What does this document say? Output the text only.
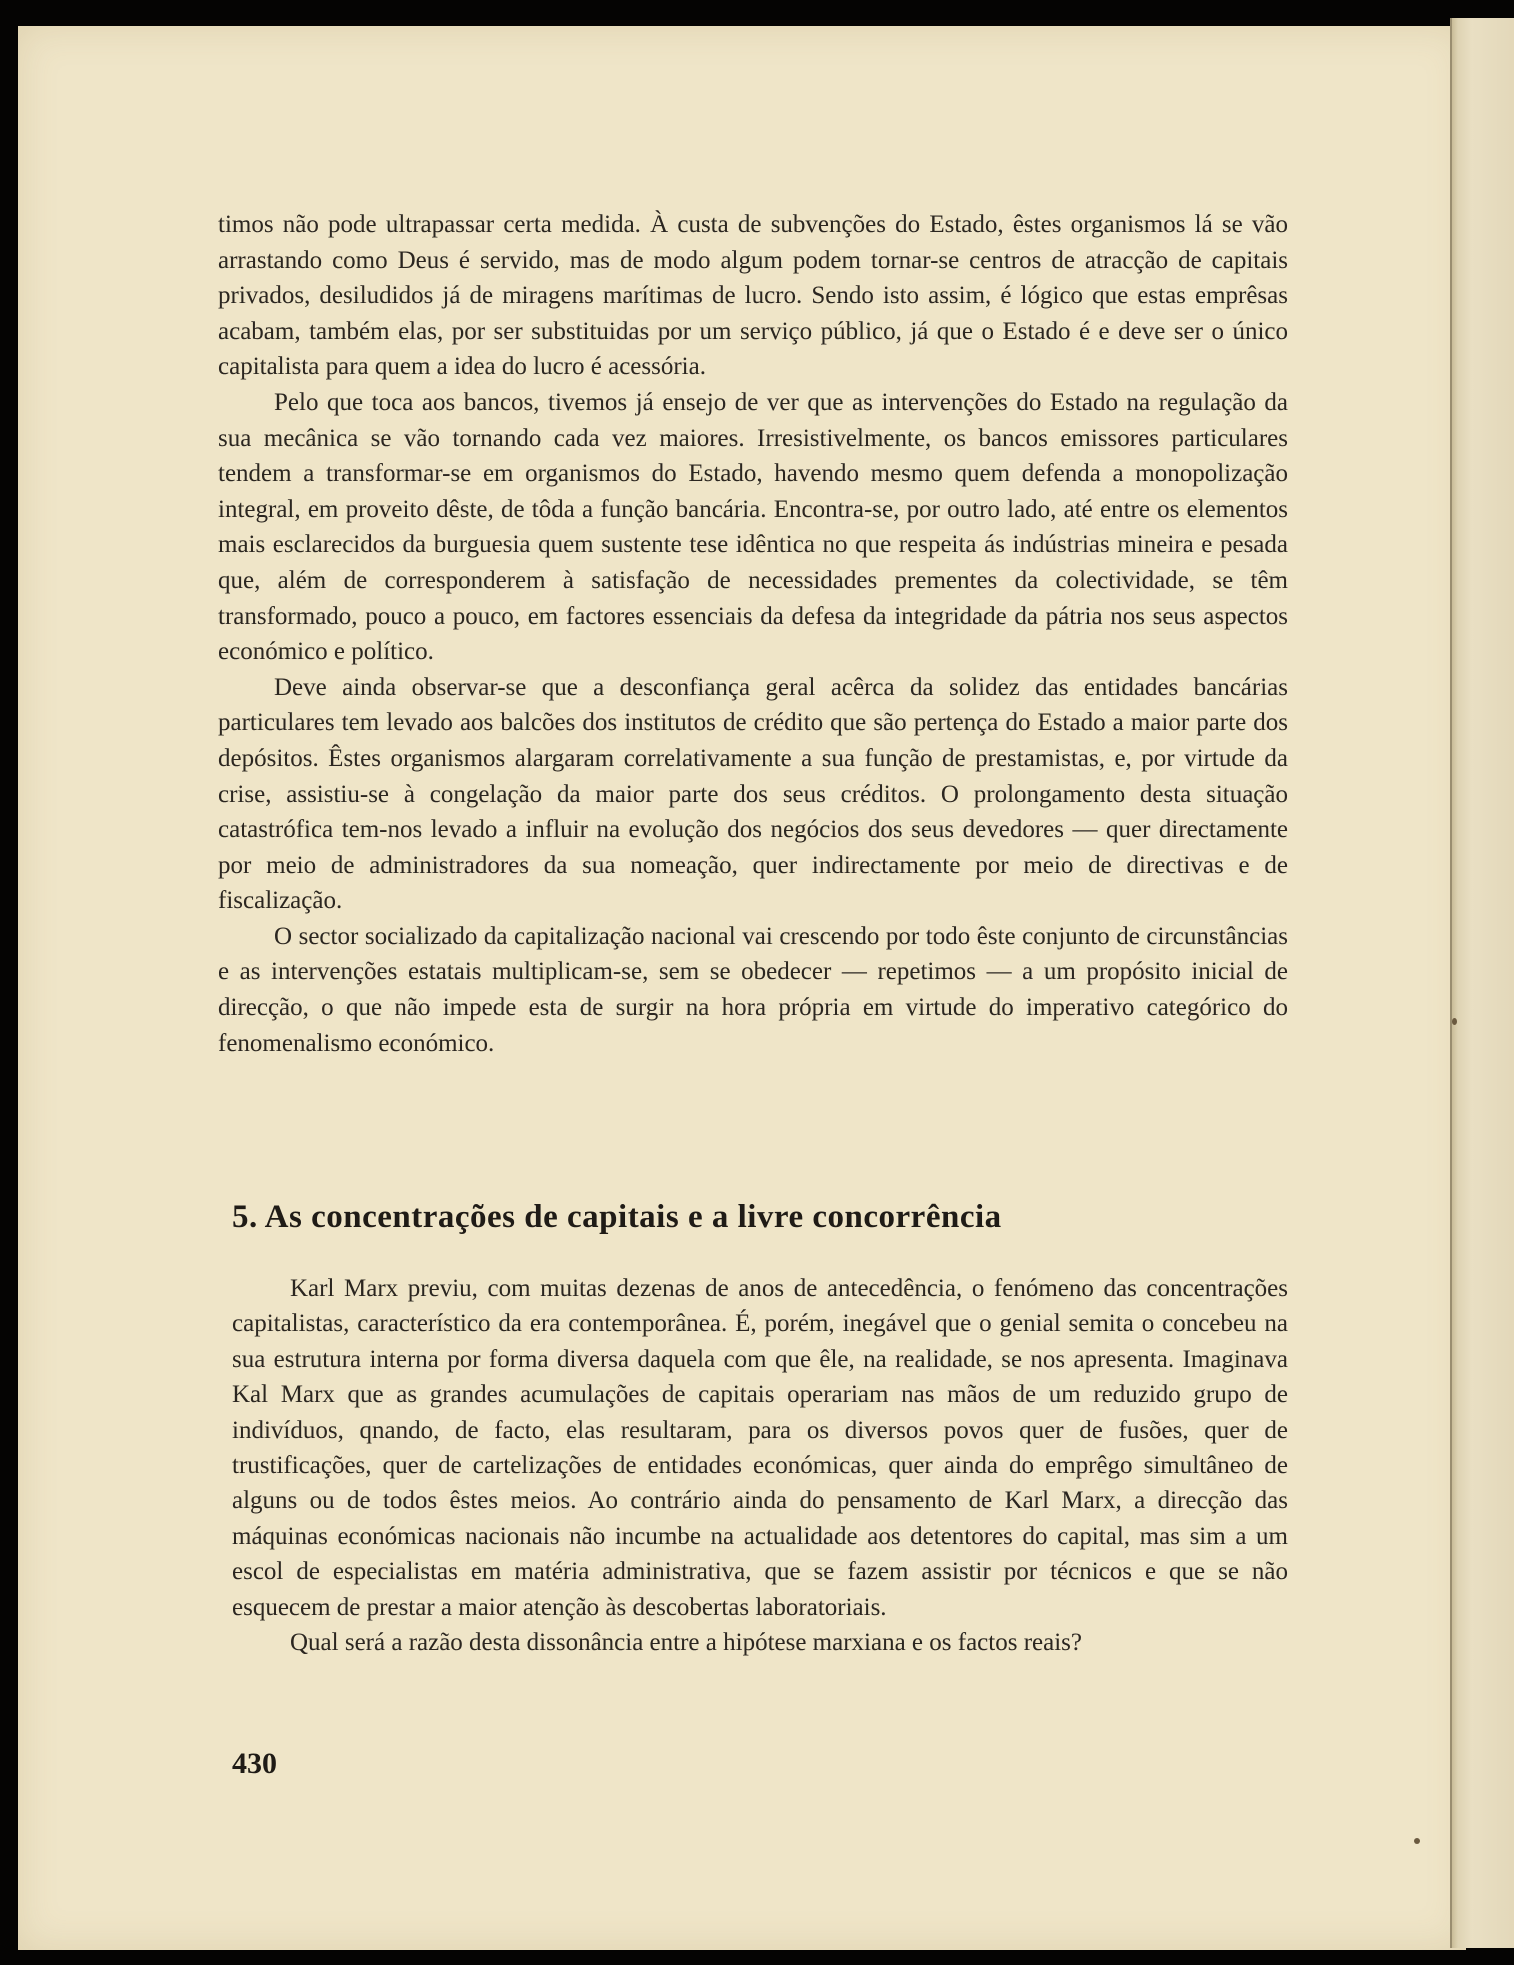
timos não pode ultrapassar certa medida. À custa de subvenções do Estado, êstes organismos lá se vão arrastando como Deus é servido, mas de modo algum podem tornar-se centros de atracção de capitais privados, desiludidos já de miragens marítimas de lucro. Sendo isto assim, é lógico que estas emprêsas acabam, também elas, por ser substituidas por um serviço público, já que o Estado é e deve ser o único capitalista para quem a idea do lucro é acessória.

Pelo que toca aos bancos, tivemos já ensejo de ver que as intervenções do Estado na regulação da sua mecânica se vão tornando cada vez maiores. Irresistivelmente, os bancos emissores particulares tendem a transformar-se em organismos do Estado, havendo mesmo quem defenda a monopolização integral, em proveito dêste, de tôda a função bancária. Encontra-se, por outro lado, até entre os elementos mais esclarecidos da burguesia quem sustente tese idêntica no que respeita ás indústrias mineira e pesada que, além de corresponderem à satisfação de necessidades prementes da colectividade, se têm transformado, pouco a pouco, em factores essenciais da defesa da integridade da pátria nos seus aspectos económico e político.

Deve ainda observar-se que a desconfiança geral acêrca da solidez das entidades bancárias particulares tem levado aos balcões dos institutos de crédito que são pertença do Estado a maior parte dos depósitos. Êstes organismos alargaram correlativamente a sua função de prestamistas, e, por virtude da crise, assistiu-se à congelação da maior parte dos seus créditos. O prolongamento desta situação catastrófica tem-nos levado a influir na evolução dos negócios dos seus devedores — quer directamente por meio de administradores da sua nomeação, quer indirectamente por meio de directivas e de fiscalização.

O sector socializado da capitalização nacional vai crescendo por todo êste conjunto de circunstâncias e as intervenções estatais multiplicam-se, sem se obedecer — repetimos — a um propósito inicial de direcção, o que não impede esta de surgir na hora própria em virtude do imperativo categórico do fenomenalismo económico.

5. As concentrações de capitais e a livre concorrência

Karl Marx previu, com muitas dezenas de anos de antecedência, o fenómeno das concentrações capitalistas, característico da era contemporânea. É, porém, inegável que o genial semita o concebeu na sua estrutura interna por forma diversa daquela com que êle, na realidade, se nos apresenta. Imaginava Kal Marx que as grandes acumulações de capitais operariam nas mãos de um reduzido grupo de indivíduos, qnando, de facto, elas resultaram, para os diversos povos quer de fusões, quer de trustificações, quer de cartelizações de entidades económicas, quer ainda do emprêgo simultâneo de alguns ou de todos êstes meios. Ao contrário ainda do pensamento de Karl Marx, a direcção das máquinas económicas nacionais não incumbe na actualidade aos detentores do capital, mas sim a um escol de especialistas em matéria administrativa, que se fazem assistir por técnicos e que se não esquecem de prestar a maior atenção às descobertas laboratoriais.

Qual será a razão desta dissonância entre a hipótese marxiana e os factos reais?

430
